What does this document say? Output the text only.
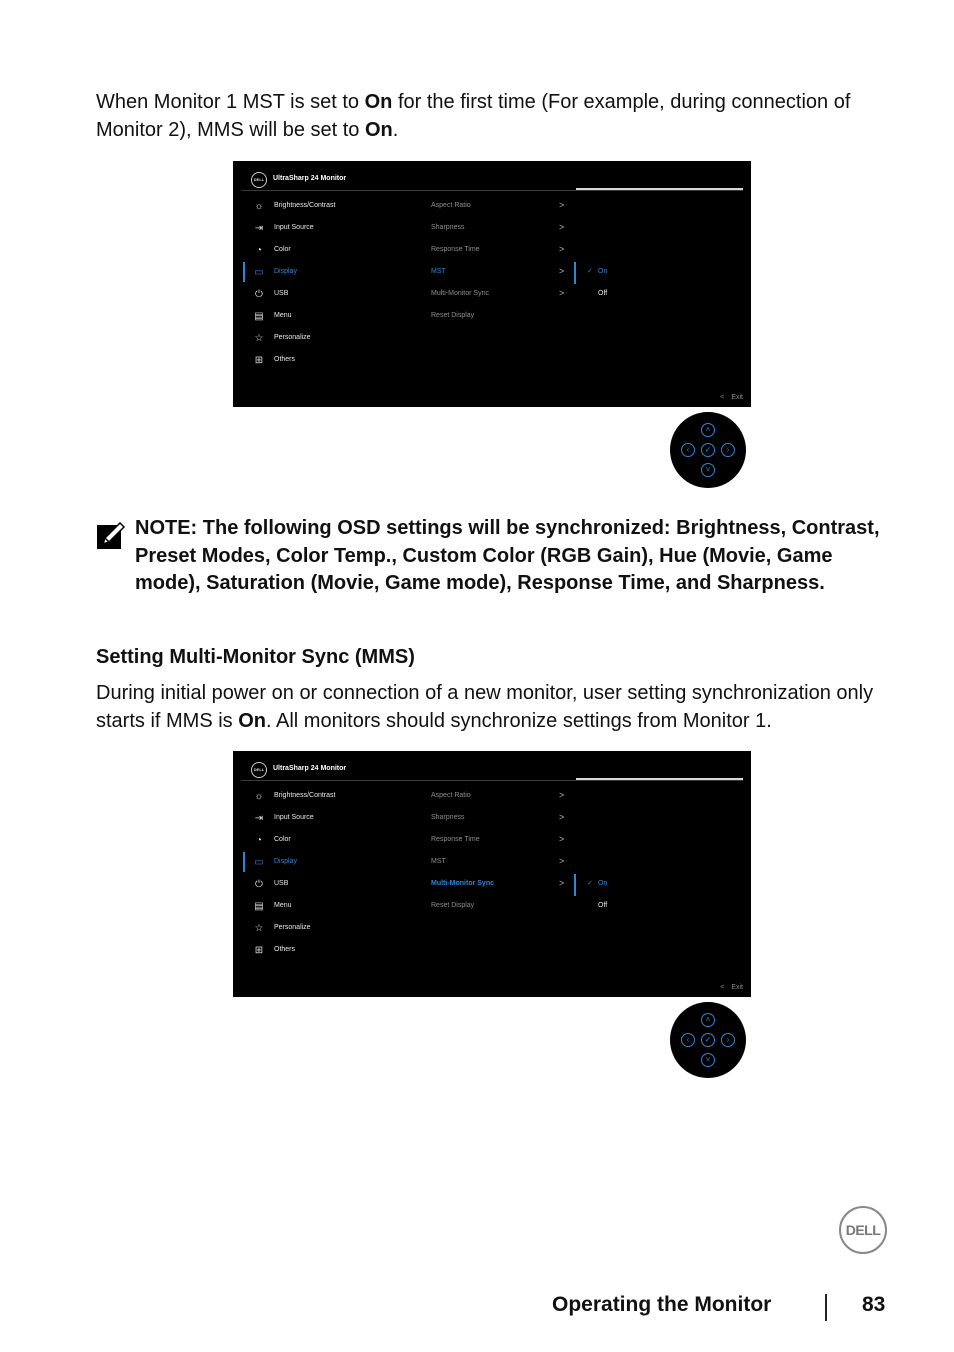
When Monitor 1 MST is set to On for the first time (For example, during connection of Monitor 2), MMS will be set to On.

DELL	UltraSharp 24 Monitor
☼ Brightness/Contrast
⇥ Input Source
◔	Color
▭ Display
⏻ USB
▤ Menu
☆ Personalize
⊞ Others
Aspect Ratio	>
Sharpness	>
Response Time	>
MST	>
Multi-Monitor Sync	>
Reset Display
✓ On
Off
< Exit
˄
‹	✓	›
˅

NOTE: The following OSD settings will be synchronized: Brightness, Contrast, Preset Modes, Color Temp., Custom Color (RGB Gain), Hue (Movie, Game mode), Saturation (Movie, Game mode), Response Time, and Sharpness.

Setting Multi-Monitor Sync (MMS)

During initial power on or connection of a new monitor, user setting synchronization only starts if MMS is On. All monitors should synchronize settings from Monitor 1.

DELL	UltraSharp 24 Monitor
☼ Brightness/Contrast
⇥ Input Source
◔	Color
▭ Display
⏻ USB
▤ Menu
☆ Personalize
⊞ Others
Aspect Ratio	>
Sharpness	>
Response Time	>
MST	>
Multi-Monitor Sync	>
Reset Display
✓ On
Off
< Exit
˄
‹	✓	›
˅
DELL
Operating the Monitor	83
